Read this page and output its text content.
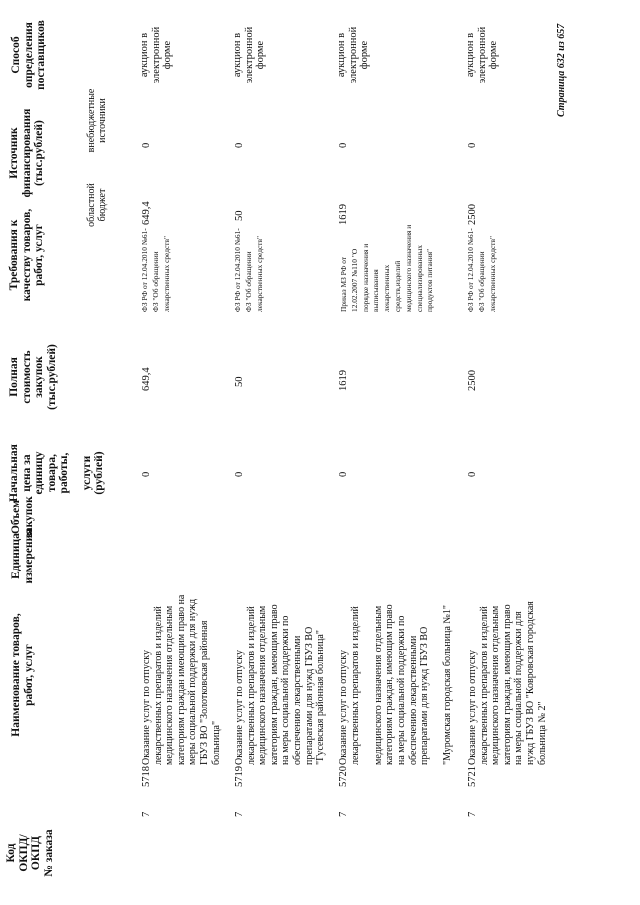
Код ОКПД/ ОКПД № заказа
Наименование товаров, работ, услуг
Единица измерения
Объем закупок
Начальная цена за единицу товара, работы, услуги (рублей)
Полная стоимость закупок (тыс.рублей)
Требования к качеству товаров, работ, услуг
Источник финансирования (тыс.рублей)
областной бюджет
внебюджетные источники
Способ определения поставщиков
7
5718
Оказание услуг по отпуску лекарственных препаратов и изделий медицинского назначения отдельным категориям граждан имеющим право на меры социальной поддержки для нужд ГБУЗ ВО "Золотковская районная больница"
0
649,4
ФЗ РФ от 12.04.2010 №61- ФЗ "Об обращении лекарственных средств"
649,4
0
аукцион в электронной форме
7
5719
Оказание услуг по отпуску лекарственных препаратов и изделий медицинского назначения отдельным категориям граждан, имеющим право на меры социальной поддержки по обеспечению лекарственными препаратами для нужд ГБУЗ ВО "Гусевская районная больница"
0
50
ФЗ РФ от 12.04.2010 №61- ФЗ "Об обращении лекарственных средств"
50
0
аукцион в электронной форме
7
5720
Оказание услуг по отпуску лекарственных препаратов и изделий медицинского назначения отдельным категориям граждан, имеющим право на меры социальной поддержки по обеспечению лекарственными препаратами для нужд ГБУЗ ВО "Муромская городская больница №1"
0
1619
Приказ МЗ РФ от 12.02.2007 №110 "О порядке назначения и выписывания лекарственных средств,изделий медицинского назначения и специализированных продуктов питания"
1619
0
аукцион в электронной форме
7
5721
Оказание услуг по отпуску лекарственных препаратов и изделий медицинского назначения отдельным категориям граждан, имеющим право на меры социальной поддержки для нужд ГБУЗ ВО "Ковровская городская больница № 2"
0
2500
ФЗ РФ от 12.04.2010 №61- ФЗ "Об обращении лекарственных средств"
2500
0
аукцион в электронной форме	Страница 632 из 657
